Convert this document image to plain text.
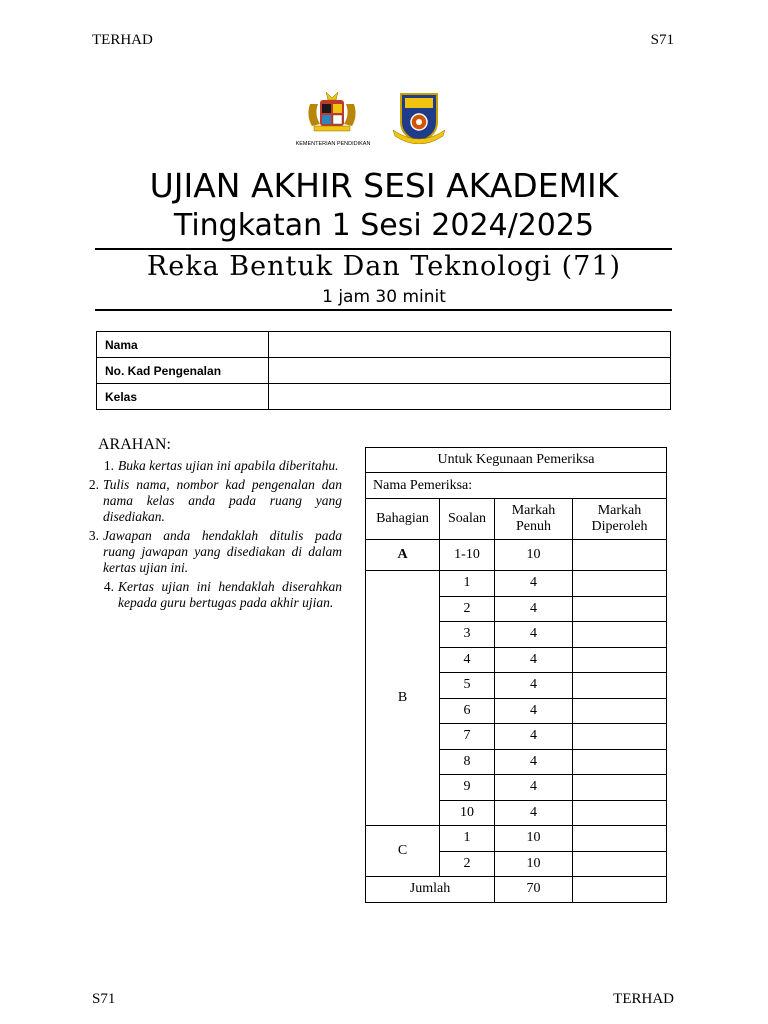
TERHAD	S71
KEMENTERIAN PENDIDIKAN
UJIAN AKHIR SESI AKADEMIK
Tingkatan 1 Sesi 2024/2025
Reka Bentuk Dan Teknologi (71)
1 jam 30 minit
Nama	
No. Kad Pengenalan	
Kelas	
ARAHAN:
1. Buka kertas ujian ini apabila diberitahu.
2. Tulis nama, nombor kad pengenalan dan nama kelas anda pada ruang yang disediakan.
3. Jawapan anda hendaklah ditulis pada ruang jawapan yang disediakan di dalam kertas ujian ini.
4. Kertas ujian ini hendaklah diserahkan kepada guru bertugas pada akhir ujian.
Untuk Kegunaan Pemeriksa			
Nama Pemeriksa:			
Bahagian	Soalan	Markah Penuh	Markah Diperoleh
A	1-10	10	
B	1	4	
	2	4	
	3	4	
	4	4	
	5	4	
	6	4	
	7	4	
	8	4	
	9	4	
	10	4	
C	1	10	
	2	10	
Jumlah		70	
S71	TERHAD
